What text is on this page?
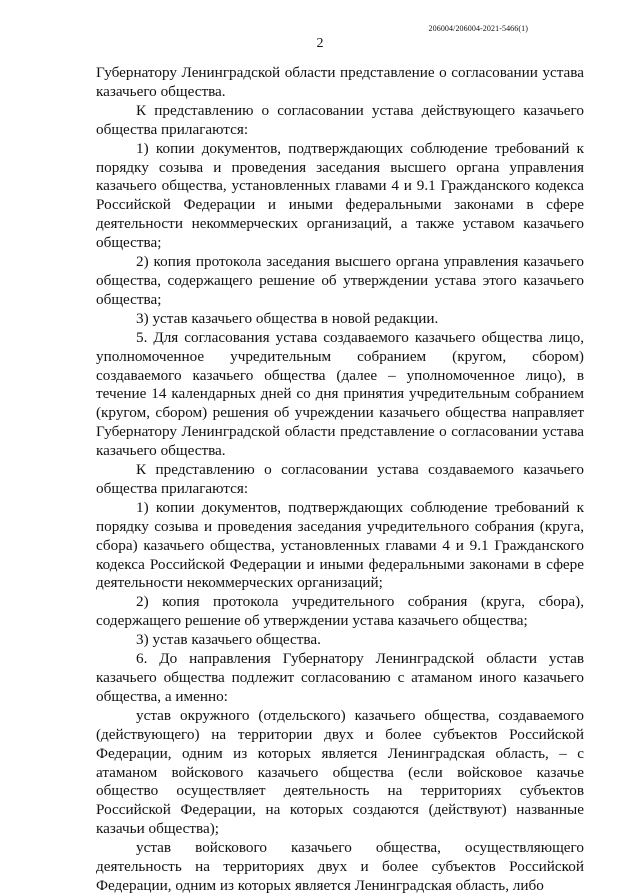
206004/206004-2021-5466(1)
2

Губернатору Ленинградской области представление о согласовании устава казачьего общества.

К представлению о согласовании устава действующего казачьего общества прилагаются:

1) копии документов, подтверждающих соблюдение требований к порядку созыва и проведения заседания высшего органа управления казачьего общества, установленных главами 4 и 9.1 Гражданского кодекса Российской Федерации и иными федеральными законами в сфере деятельности некоммерческих организаций, а также уставом казачьего общества;

2) копия протокола заседания высшего органа управления казачьего общества, содержащего решение об утверждении устава этого казачьего общества;

3) устав казачьего общества в новой редакции.

5. Для согласования устава создаваемого казачьего общества лицо, уполномоченное учредительным собранием (кругом, сбором) создаваемого казачьего общества (далее – уполномоченное лицо), в течение 14 календарных дней со дня принятия учредительным собранием (кругом, сбором) решения об учреждении казачьего общества направляет Губернатору Ленинградской области представление о согласовании устава казачьего общества.

К представлению о согласовании устава создаваемого казачьего общества прилагаются:

1) копии документов, подтверждающих соблюдение требований к порядку созыва и проведения заседания учредительного собрания (круга, сбора) казачьего общества, установленных главами 4 и 9.1 Гражданского кодекса Российской Федерации и иными федеральными законами в сфере деятельности некоммерческих организаций;

2) копия протокола учредительного собрания (круга, сбора), содержащего решение об утверждении устава казачьего общества;

3) устав казачьего общества.

6. До направления Губернатору Ленинградской области устав казачьего общества подлежит согласованию с атаманом иного казачьего общества, а именно:

устав окружного (отдельского) казачьего общества, создаваемого (действующего) на территории двух и более субъектов Российской Федерации, одним из которых является Ленинградская область, – с атаманом войскового казачьего общества (если войсковое казачье общество осуществляет деятельность на территориях субъектов Российской Федерации, на которых создаются (действуют) названные казачьи общества);

устав войскового казачьего общества, осуществляющего деятельность на территориях двух и более субъектов Российской Федерации, одним из которых является Ленинградская область, либо
